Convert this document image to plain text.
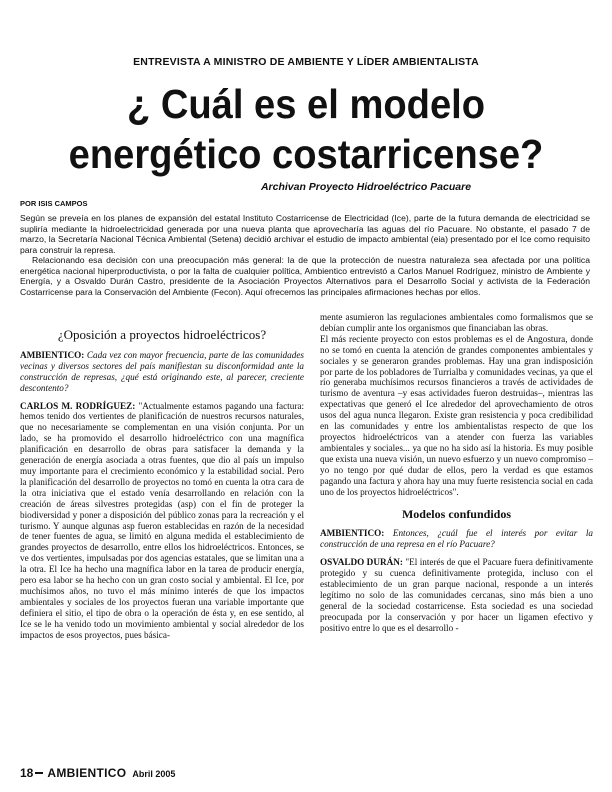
ENTREVISTA A MINISTRO DE AMBIENTE Y LÍDER AMBIENTALISTA
¿ Cuál es el modelo
energético costarricense?
Archivan Proyecto Hidroeléctrico Pacuare
POR ISIS CAMPOS

Según se preveía en los planes de expansión del estatal Instituto Costarricense de Electricidad (Ice), parte de la futura demanda de electricidad se supliría mediante la hidroelectricidad generada por una nueva planta que aprovecharía las aguas del río Pacuare. No obstante, el pasado 7 de marzo, la Secretaría Nacional Técnica Ambiental (Setena) decidió archivar el estudio de impacto ambiental (eia) presentado por el Ice como requisito para construir la represa.

Relacionando esa decisión con una preocupación más general: la de que la protección de nuestra naturaleza sea afectada por una política energética nacional hiperproductivista, o por la falta de cualquier política, Ambientico entrevistó a Carlos Manuel Rodríguez, ministro de Ambiente y Energía, y a Osvaldo Durán Castro, presidente de la Asociación Proyectos Alternativos para el Desarrollo Social y activista de la Federación Costarricense para la Conservación del Ambiente (Fecon). Aquí ofrecemos las principales afirmaciones hechas por ellos.

¿Oposición a proyectos hidroeléctricos?

AMBIENTICO: Cada vez con mayor frecuencia, parte de las comunidades vecinas y diversos sectores del país manifiestan su disconformidad ante la construcción de represas, ¿qué está originando este, al parecer, creciente descontento?

CARLOS M. RODRÍGUEZ: "Actualmente estamos pagando una factura: hemos tenido dos vertientes de planificación de nuestros recursos naturales, que no necesariamente se complementan en una visión conjunta. Por un lado, se ha promovido el desarrollo hidroeléctrico con una magnífica planificación en desarrollo de obras para satisfacer la demanda y la generación de energía asociada a otras fuentes, que dio al país un impulso muy importante para el crecimiento económico y la estabilidad social. Pero la planificación del desarrollo de proyectos no tomó en cuenta la otra cara de la otra iniciativa que el estado venía desarrollando en relación con la creación de áreas silvestres protegidas (asp) con el fin de proteger la biodiversidad y poner a disposición del público zonas para la recreación y el turismo. Y aunque algunas asp fueron establecidas en razón de la necesidad de tener fuentes de agua, se limitó en alguna medida el establecimiento de grandes proyectos de desarrollo, entre ellos los hidroeléctricos. Entonces, se ve dos vertientes, impulsadas por dos agencias estatales, que se limitan una a la otra. El Ice ha hecho una magnífica labor en la tarea de producir energía, pero esa labor se ha hecho con un gran costo social y ambiental. El Ice, por muchísimos años, no tuvo el más mínimo interés de que los impactos ambientales y sociales de los proyectos fueran una variable importante que definiera el sitio, el tipo de obra o la operación de ésta y, en ese sentido, al Ice se le ha venido todo un movimiento ambiental y social alrededor de los impactos de esos proyectos, pues básica-

mente asumieron las regulaciones ambientales como formalismos que se debían cumplir ante los organismos que financiaban las obras.

El más reciente proyecto con estos problemas es el de Angostura, donde no se tomó en cuenta la atención de grandes componentes ambientales y sociales y se generaron grandes problemas. Hay una gran indisposición por parte de los pobladores de Turrialba y comunidades vecinas, ya que el río generaba muchísimos recursos financieros a través de actividades de turismo de aventura –y esas actividades fueron destruidas–, mientras las expectativas que generó el Ice alrededor del aprovechamiento de otros usos del agua nunca llegaron. Existe gran resistencia y poca credibilidad en las comunidades y entre los ambientalistas respecto de que los proyectos hidroeléctricos van a atender con fuerza las variables ambientales y sociales... ya que no ha sido así la historia. Es muy posible que exista una nueva visión, un nuevo esfuerzo y un nuevo compromiso –yo no tengo por qué dudar de ellos, pero la verdad es que estamos pagando una factura y ahora hay una muy fuerte resistencia social en cada uno de los proyectos hidroeléctricos".

Modelos confundidos

AMBIENTICO: Entonces, ¿cuál fue el interés por evitar la construcción de una represa en el río Pacuare?

OSVALDO DURÁN: "El interés de que el Pacuare fuera definitivamente protegido y su cuenca definitivamente protegida, incluso con el establecimiento de un gran parque nacional, responde a un interés legítimo no solo de las comunidades cercanas, sino más bien a uno general de la sociedad costarricense. Esta sociedad es una sociedad preocupada por la conservación y por hacer un ligamen efectivo y positivo entre lo que es el desarrollo -

18 AMBIENTICO Abril 2005
